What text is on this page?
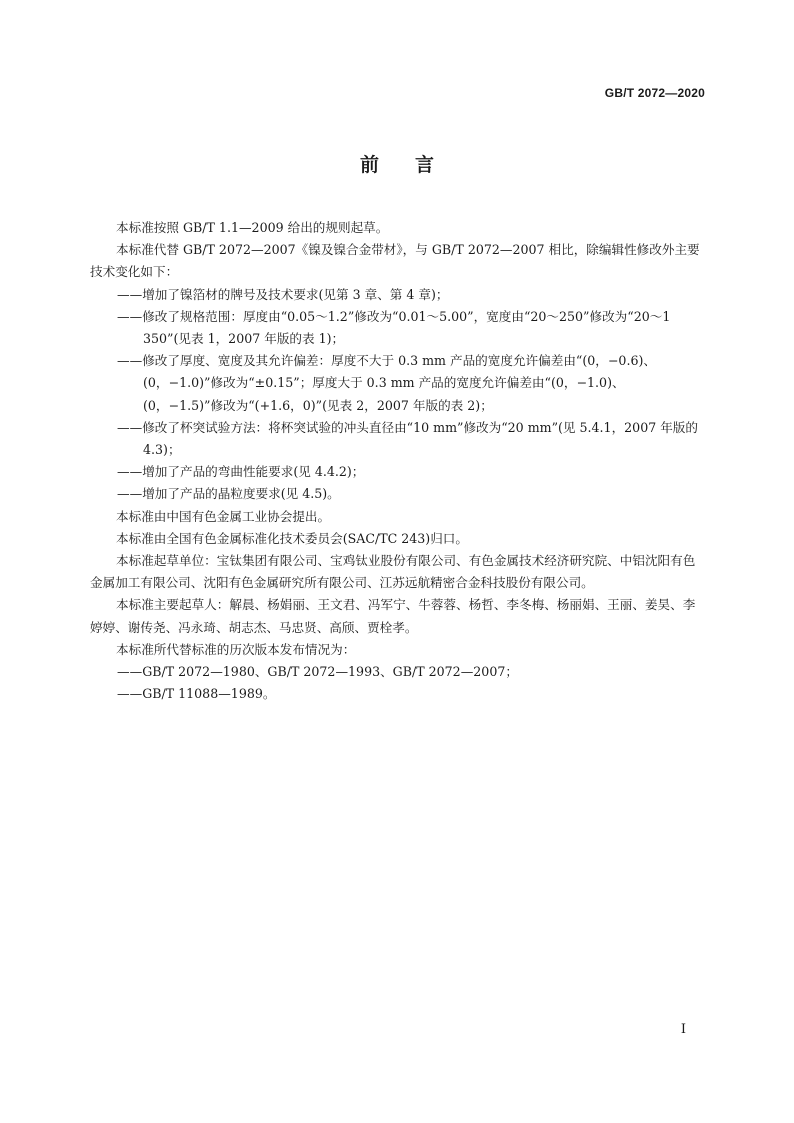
GB/T 2072—2020
前言
本标准按照 GB/T 1.1—2009 给出的规则起草。
本标准代替 GB/T 2072—2007《镍及镍合金带材》，与 GB/T 2072—2007 相比，除编辑性修改外主要技术变化如下：
——增加了镍箔材的牌号及技术要求(见第 3 章、第 4 章)；
——修改了规格范围：厚度由“0.05～1.2”修改为“0.01～5.00”，宽度由“20～250”修改为“20～1 350”(见表 1，2007 年版的表 1)；
——修改了厚度、宽度及其允许偏差：厚度不大于 0.3 mm 产品的宽度允许偏差由“(0，−0.6)、(0，−1.0)”修改为“±0.15”；厚度大于 0.3 mm 产品的宽度允许偏差由“(0，−1.0)、(0，−1.5)”修改为“(+1.6，0)”(见表 2，2007 年版的表 2)；
——修改了杯突试验方法：将杯突试验的冲头直径由“10 mm”修改为“20 mm”(见 5.4.1，2007 年版的 4.3)；
——增加了产品的弯曲性能要求(见 4.4.2)；
——增加了产品的晶粒度要求(见 4.5)。
本标准由中国有色金属工业协会提出。
本标准由全国有色金属标准化技术委员会(SAC/TC 243)归口。
本标准起草单位：宝钛集团有限公司、宝鸡钛业股份有限公司、有色金属技术经济研究院、中铝沈阳有色金属加工有限公司、沈阳有色金属研究所有限公司、江苏远航精密合金科技股份有限公司。
本标准主要起草人：解晨、杨娟丽、王文君、冯军宁、牛蓉蓉、杨哲、李冬梅、杨丽娟、王丽、姜昊、李婷婷、谢传尧、冯永琦、胡志杰、马忠贤、高颀、贾栓孝。
本标准所代替标准的历次版本发布情况为：
——GB/T 2072—1980、GB/T 2072—1993、GB/T 2072—2007；
——GB/T 11088—1989。
I
